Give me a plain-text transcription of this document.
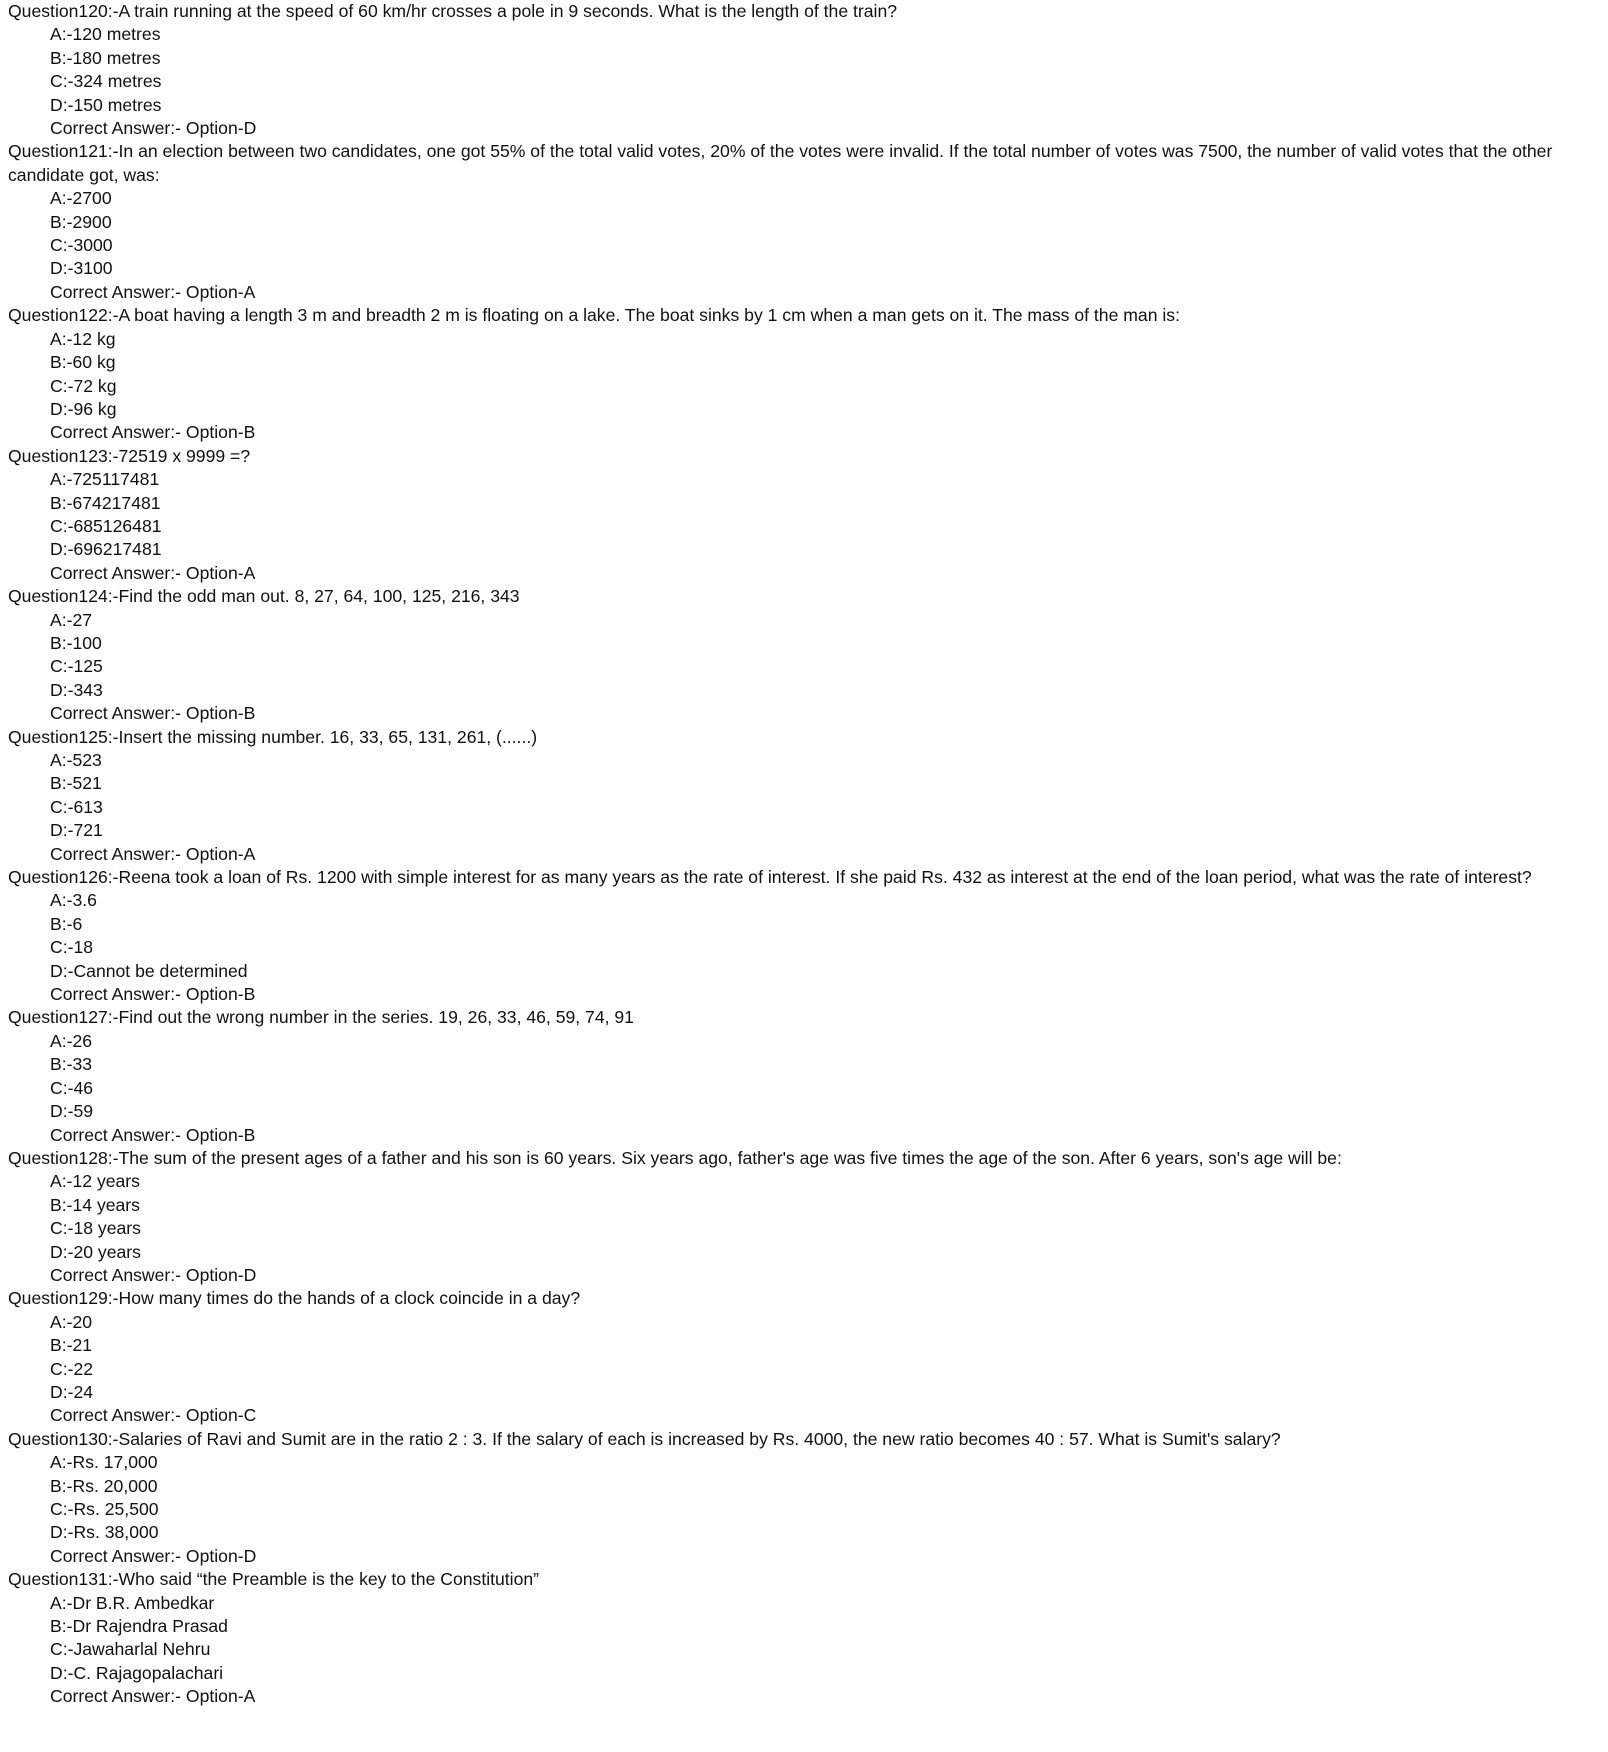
Question120:-A train running at the speed of 60 km/hr crosses a pole in 9 seconds. What is the length of the train?
A:-120 metres
B:-180 metres
C:-324 metres
D:-150 metres
Correct Answer:- Option-D
Question121:-In an election between two candidates, one got 55% of the total valid votes, 20% of the votes were invalid. If the total number of votes was 7500, the number of valid votes that the other candidate got, was:
A:-2700
B:-2900
C:-3000
D:-3100
Correct Answer:- Option-A
Question122:-A boat having a length 3 m and breadth 2 m is floating on a lake. The boat sinks by 1 cm when a man gets on it. The mass of the man is:
A:-12 kg
B:-60 kg
C:-72 kg
D:-96 kg
Correct Answer:- Option-B
Question123:-72519 x 9999 =?
A:-725117481
B:-674217481
C:-685126481
D:-696217481
Correct Answer:- Option-A
Question124:-Find the odd man out. 8, 27, 64, 100, 125, 216, 343
A:-27
B:-100
C:-125
D:-343
Correct Answer:- Option-B
Question125:-Insert the missing number. 16, 33, 65, 131, 261, (......)
A:-523
B:-521
C:-613
D:-721
Correct Answer:- Option-A
Question126:-Reena took a loan of Rs. 1200 with simple interest for as many years as the rate of interest. If she paid Rs. 432 as interest at the end of the loan period, what was the rate of interest?
A:-3.6
B:-6
C:-18
D:-Cannot be determined
Correct Answer:- Option-B
Question127:-Find out the wrong number in the series. 19, 26, 33, 46, 59, 74, 91
A:-26
B:-33
C:-46
D:-59
Correct Answer:- Option-B
Question128:-The sum of the present ages of a father and his son is 60 years. Six years ago, father's age was five times the age of the son. After 6 years, son's age will be:
A:-12 years
B:-14 years
C:-18 years
D:-20 years
Correct Answer:- Option-D
Question129:-How many times do the hands of a clock coincide in a day?
A:-20
B:-21
C:-22
D:-24
Correct Answer:- Option-C
Question130:-Salaries of Ravi and Sumit are in the ratio 2 : 3. If the salary of each is increased by Rs. 4000, the new ratio becomes 40 : 57. What is Sumit's salary?
A:-Rs. 17,000
B:-Rs. 20,000
C:-Rs. 25,500
D:-Rs. 38,000
Correct Answer:- Option-D
Question131:-Who said “the Preamble is the key to the Constitution”
A:-Dr B.R. Ambedkar
B:-Dr Rajendra Prasad
C:-Jawaharlal Nehru
D:-C. Rajagopalachari
Correct Answer:- Option-A
